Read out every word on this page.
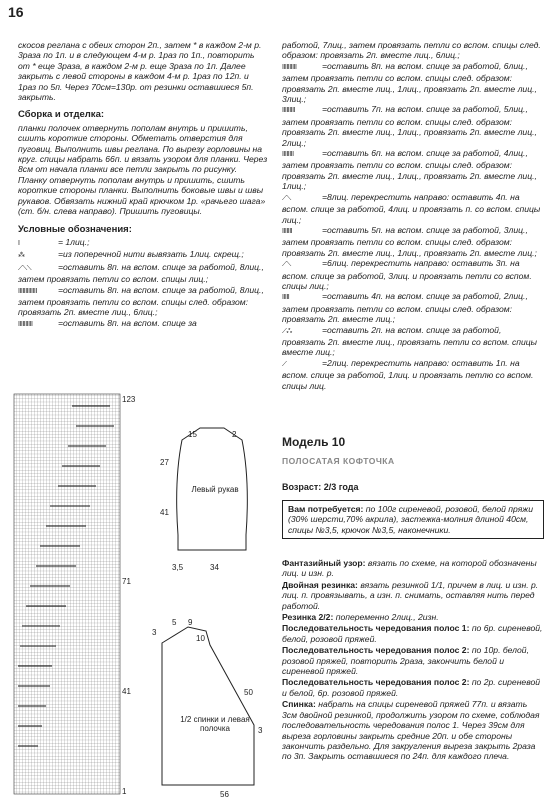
16

скосов реглана с обеих сторон 2п., затем * в каждом 2-м р. 3раза по 1п. и в следующем 4-м р. 1раз по 1п., повторить от * еще 3раза, в каждом 2-м р. еще 3раза по 1п. Далее закрыть с левой стороны в каждом 4-м р. 1раз по 12п. и 1раз по 5п. Через 70см=130р. от резинки оставшиеся 5п. закрыть.

Сборка и отделка:

планки полочек отвернуть пополам внутрь и пришить, сшить короткие стороны. Обметать отверстия для пуговиц. Выполнить швы реглана. По вырезу горловины на круг. спицы набрать 66п. и вязать узором для планки. Через 8см от начала планки все петли закрыть по рисунку. Планку отвернуть пополам внутрь и пришить, сшить короткие стороны планки. Выполнить боковые швы и швы рукавов. Обвязать нижний край крючком 1р. «рачьего шага» (ст. б/н. слева направо). Пришить пуговицы.

Условные обозначения:

I	= 1лиц.;

⁂	=из поперечной нити вывязать 1лиц. скрещ.;

⟋⟍⟍	=оставить 8п. на вспом. спице за работой, 8лиц., затем провязать петли со вспом. спицы лиц.;

IIIIIIIIIIIII =оставить 8п. на вспом. спице за работой, 8лиц., затем провязать петли со вспом. спицы след. образом: провязать 2п. вместе лиц., 6лиц.;

IIIIIIIIII	=оставить 8п. на вспом. спице за

работой, 7лиц., затем провязать петли со вспом. спицы след. образом: провязать 2п. вместе лиц., 6лиц.;

IIIIIIIIII	=оставить 8п. на вспом. спице за работой, 6лиц., затем провязать петли со вспом. спицы след. образом: провязать 2п. вместе лиц., 1лиц., провязать 2п. вместе лиц., 3лиц.;

IIIIIIIII	=оставить 7п. на вспом. спице за работой, 5лиц., затем провязать петли со вспом. спицы след. образом: провязать 2п. вместе лиц., 1лиц., провязать 2п. вместе лиц., 2лиц.;

IIIIIIII	=оставить 6п. на вспом. спице за работой, 4лиц., затем провязать петли со вспом. спицы след. образом: провязать 2п. вместе лиц., 1лиц., провязать 2п. вместе лиц., 1лиц.;

⟋⟍	=8лиц. перекрестить направо: оставить 4п. на вспом. спице за работой, 4лиц. и провязать п. со вспом. спицы лиц.;

IIIIIII	=оставить 5п. на вспом. спице за работой, 3лиц., затем провязать петли со вспом. спицы след. образом: провязать 2п. вместе лиц., 1лиц., провязать 2п. вместе лиц.;

⟋⟍	=6лиц. перекрестить направо: оставить 3п. на вспом. спице за работой, 3лиц. и провязать петли со вспом. спицы лиц.;

IIIII	=оставить 4п. на вспом. спице за работой, 2лиц., затем провязать петли со вспом. спицы след. образом: провязать 2п. вместе лиц.;

⟋⁂	=оставить 2п. на вспом. спице за работой, провязать 2п. вместе лиц., провязать петли со вспом. спицы вместе лиц.;

⟋	=2лиц. перекрестить направо: оставить 1п. на вспом. спице за работой, 1лиц. и провязать петлю со вспом. спицы лиц.

Модель 10
ПОЛОСАТАЯ КОФТОЧКА
Возраст: 2/3 года
Вам потребуется: по 100г сиреневой, розовой, белой пряжи (30% шерсти,70% акрила), застежка-молния длиной 40см, спицы №3,5, крючок №3,5, наконечники.

Фантазийный узор: вязать по схеме, на которой обозначены лиц. и изн. р.

Двойная резинка: вязать резинкой 1/1, причем в лиц. и изн. р. лиц. п. провязывать, а изн. п. снимать, оставляя нить перед работой.

Резинка 2/2: попеременно 2лиц., 2изн.

Последовательность чередования полос 1: по 6р. сиреневой, белой, розовой пряжей.

Последовательность чередования полос 2: по 10р. белой, розовой пряжей, повторить 2раза, закончить белой и сиреневой пряжей.

Последовательность чередования полос 2: по 2р. сиреневой и белой, 6р. розовой пряжей.

Спинка: набрать на спицы сиреневой пряжей 77п. и вязать 3см двойной резинкой, продолжить узором по схеме, соблюдая последовательность чередования полос 1. Через 39см для выреза горловины закрыть средние 20п. и обе стороны закончить раздельно. Для закругления выреза закрыть 2раза по 3п. Закрыть оставшиеся по 24п. для каждого плеча.

123
71
41
1
15	2
27
41
3,5	34
Левый рукав
5 9
10
3
50
3
56
1/2 спинки и левая полочка
